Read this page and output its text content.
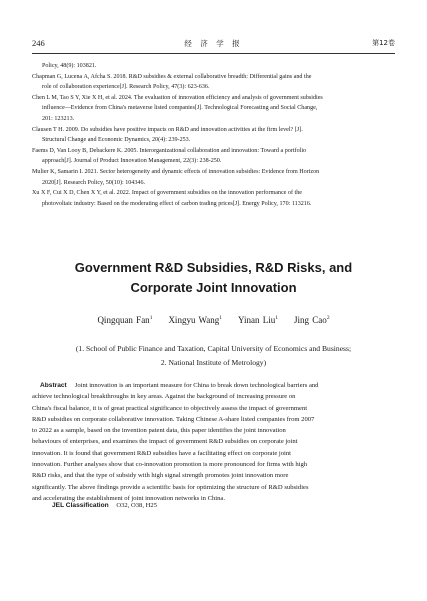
246	经 济 学 报	第12卷

Policy, 48(9): 103821.

Chapman G, Lucena A, Afcha S. 2018. R&D subsidies & external collaborative breadth: Differential gains and the
role of collaboration experience[J]. Research Policy, 47(3): 623-636.

Chen L M, Tao S Y, Xie X H, et al. 2024. The evaluation of innovation efficiency and analysis of government subsidies
influence—Evidence from China's metaverse listed companies[J]. Technological Forecasting and Social Change,
201: 123213.

Clausen T H. 2009. Do subsidies have positive impacts on R&D and innovation activities at the firm level? [J].
Structural Change and Economic Dynamics, 20(4): 239-253.

Faems D, Van Looy B, Debackere K. 2005. Interorganizational collaboration and innovation: Toward a portfolio
approach[J]. Journal of Product Innovation Management, 22(3): 238-250.

Mulier K, Samarin I. 2021. Sector heterogeneity and dynamic effects of innovation subsidies: Evidence from Horizon
2020[J]. Research Policy, 50(10): 104346.

Xu X F, Cui X D, Chen X Y, et al. 2022. Impact of government subsidies on the innovation performance of the
photovoltaic industry: Based on the moderating effect of carbon trading prices[J]. Energy Policy, 170: 113216.

Government R&D Subsidies, R&D Risks, and
Corporate Joint Innovation
Qingquan Fan$^1$ Xingyu Wang$^1$ Yinan Liu$^1$ Jing Cao$^2$
(1. School of Public Finance and Taxation, Capital University of Economics and Business;
2. National Institute of Metrology)
Abstract Joint innovation is an important measure for China to break down technological barriers and
achieve technological breakthroughs in key areas. Against the background of increasing pressure on
China's fiscal balance, it is of great practical significance to objectively assess the impact of government
R&D subsidies on corporate collaborative innovation. Taking Chinese A-share listed companies from 2007
to 2022 as a sample, based on the invention patent data, this paper identifies the joint innovation
behaviours of enterprises, and examines the impact of government R&D subsidies on corporate joint
innovation. It is found that government R&D subsidies have a facilitating effect on corporate joint
innovation. Further analyses show that co-innovation promotion is more pronounced for firms with high
R&D risks, and that the type of subsidy with high signal strength promotes joint innovation more
significantly. The above findings provide a scientific basis for optimizing the structure of R&D subsidies
and accelerating the establishment of joint innovation networks in China.
JEL Classification O32, O38, H25
